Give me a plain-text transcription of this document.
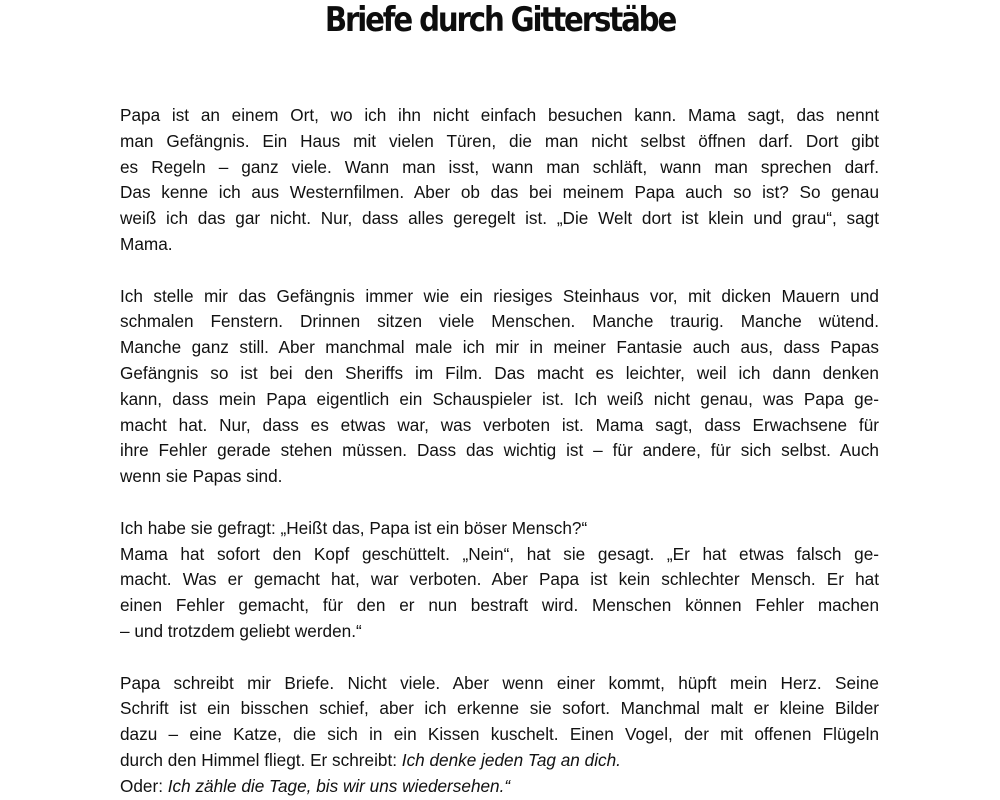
Briefe durch Gitterstäbe

Papa ist an einem Ort, wo ich ihn nicht einfach besuchen kann. Mama sagt, das nennt
man Gefängnis. Ein Haus mit vielen Türen, die man nicht selbst öffnen darf. Dort gibt
es Regeln – ganz viele. Wann man isst, wann man schläft, wann man sprechen darf.
Das kenne ich aus Westernfilmen. Aber ob das bei meinem Papa auch so ist? So genau
weiß ich das gar nicht. Nur, dass alles geregelt ist. „Die Welt dort ist klein und grau“, sagt
Mama.

Ich stelle mir das Gefängnis immer wie ein riesiges Steinhaus vor, mit dicken Mauern und
schmalen Fenstern. Drinnen sitzen viele Menschen. Manche traurig. Manche wütend.
Manche ganz still. Aber manchmal male ich mir in meiner Fantasie auch aus, dass Papas
Gefängnis so ist bei den Sheriffs im Film. Das macht es leichter, weil ich dann denken
kann, dass mein Papa eigentlich ein Schauspieler ist. Ich weiß nicht genau, was Papa ge-
macht hat. Nur, dass es etwas war, was verboten ist. Mama sagt, dass Erwachsene für
ihre Fehler gerade stehen müssen. Dass das wichtig ist – für andere, für sich selbst. Auch
wenn sie Papas sind.

Ich habe sie gefragt: „Heißt das, Papa ist ein böser Mensch?“
Mama hat sofort den Kopf geschüttelt. „Nein“, hat sie gesagt. „Er hat etwas falsch ge-
macht. Was er gemacht hat, war verboten. Aber Papa ist kein schlechter Mensch. Er hat
einen Fehler gemacht, für den er nun bestraft wird. Menschen können Fehler machen
– und trotzdem geliebt werden.“

Papa schreibt mir Briefe. Nicht viele. Aber wenn einer kommt, hüpft mein Herz. Seine
Schrift ist ein bisschen schief, aber ich erkenne sie sofort. Manchmal malt er kleine Bilder
dazu – eine Katze, die sich in ein Kissen kuschelt. Einen Vogel, der mit offenen Flügeln
durch den Himmel fliegt. Er schreibt: Ich denke jeden Tag an dich.
Oder: Ich zähle die Tage, bis wir uns wiedersehen.“
